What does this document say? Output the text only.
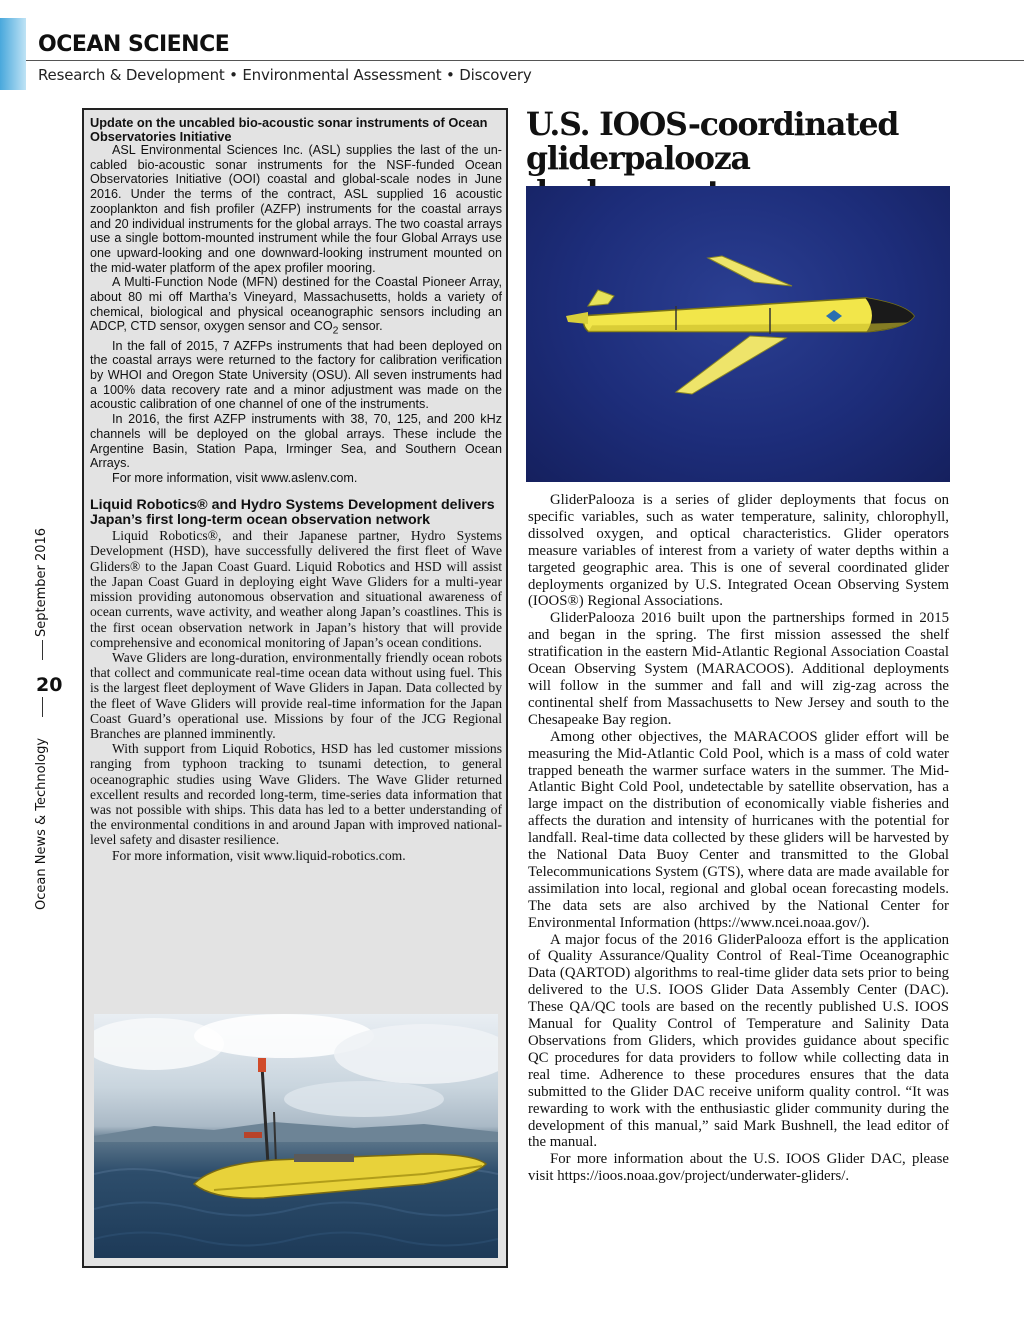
OCEAN SCIENCE

Research & Development • Environmental Assessment • Discovery

Ocean News & Technology
September 2016
20
Update on the uncabled bio-acoustic sonar instruments of Ocean Observatories Initiative

ASL Environmental Sciences Inc. (ASL) supplies the last of the un-cabled bio-acoustic sonar instruments for the NSF-funded Ocean Observatories Initiative (OOI) coastal and global-scale nodes in June 2016. Under the terms of the contract, ASL supplied 16 acoustic zooplankton and fish profiler (AZFP) instruments for the coastal arrays and 20 individual instruments for the global arrays. The two coastal arrays use a single bottom-mounted instrument while the four Global Arrays use one upward-looking and one downward-looking instrument mounted on the mid-water platform of the apex profiler mooring.

A Multi-Function Node (MFN) destined for the Coastal Pioneer Array, about 80 mi off Martha’s Vineyard, Massachusetts, holds a variety of chemical, biological and physical oceanographic sensors including an ADCP, CTD sensor, oxygen sensor and $CO_2$ sensor.

In the fall of 2015, 7 AZFPs instruments that had been deployed on the coastal arrays were returned to the factory for calibration verification by WHOI and Oregon State University (OSU). All seven instruments had a 100% data recovery rate and a minor adjustment was made on the acoustic calibration of one channel of one of the instruments.

In 2016, the first AZFP instruments with 38, 70, 125, and 200 kHz channels will be deployed on the global arrays. These include the Argentine Basin, Station Papa, Irminger Sea, and Southern Ocean Arrays.

For more information, visit www.aslenv.com.

Liquid Robotics® and Hydro Systems Development delivers Japan’s first long-term ocean observation network

Liquid Robotics®, and their Japanese partner, Hydro Systems Development (HSD), have successfully delivered the first fleet of Wave Gliders® to the Japan Coast Guard. Liquid Robotics and HSD will assist the Japan Coast Guard in deploying eight Wave Gliders for a multi-year mission providing autonomous observation and situational awareness of ocean currents, wave activity, and weather along Japan’s coastlines. This is the first ocean observation network in Japan’s history that will provide comprehensive and economical monitoring of Japan’s ocean conditions.

Wave Gliders are long-duration, environmentally friendly ocean robots that collect and communicate real-time ocean data without using fuel. This is the largest fleet deployment of Wave Gliders in Japan. Data collected by the fleet of Wave Gliders will provide real-time information for the Japan Coast Guard’s operational use. Missions by four of the JCG Regional Branches are planned imminently.

With support from Liquid Robotics, HSD has led customer missions ranging from typhoon tracking to tsunami detection, to general oceanographic studies using Wave Gliders. The Wave Glider returned excellent results and recorded long-term, time-series data information that was not possible with ships. This data has led to a better understanding of the environmental conditions in and around Japan with improved national-level safety and disaster resilience.

For more information, visit www.liquid-robotics.com.

U.S. IOOS-coordinated gliderpalooza

GliderPalooza is a series of glider deployments that focus on specific variables, such as water temperature, salinity, chlorophyll, dissolved oxygen, and optical characteristics. Glider operators measure variables of interest from a variety of water depths within a targeted geographic area. This is one of several coordinated glider deployments organized by U.S. Integrated Ocean Observing System (IOOS®) Regional Associations.

GliderPalooza 2016 built upon the partnerships formed in 2015 and began in the spring. The first mission assessed the shelf stratification in the eastern Mid-Atlantic Regional Association Coastal Ocean Observing System (MARACOOS). Additional deployments will follow in the summer and fall and will zig-zag across the continental shelf from Massachusetts to New Jersey and south to the Chesapeake Bay region.

Among other objectives, the MARACOOS glider effort will be measuring the Mid-Atlantic Cold Pool, which is a mass of cold water trapped beneath the warmer surface waters in the summer. The Mid-Atlantic Bight Cold Pool, undetectable by satellite observation, has a large impact on the distribution of economically viable fisheries and affects the duration and intensity of hurricanes with the potential for landfall. Real-time data collected by these gliders will be harvested by the National Data Buoy Center and transmitted to the Global Telecommunications System (GTS), where data are made available for assimilation into local, regional and global ocean forecasting models. The data sets are also archived by the National Center for Environmental Information (https://www.ncei.noaa.gov/).

A major focus of the 2016 GliderPalooza effort is the application of Quality Assurance/Quality Control of Real-Time Oceanographic Data (QARTOD) algorithms to real-time glider data sets prior to being delivered to the U.S. IOOS Glider Data Assembly Center (DAC). These QA/QC tools are based on the recently published U.S. IOOS Manual for Quality Control of Temperature and Salinity Data Observations from Gliders, which provides guidance about specific QC procedures for data providers to follow while collecting data in real time. Adherence to these procedures ensures that the data submitted to the Glider DAC receive uniform quality control. “It was rewarding to work with the enthusiastic glider community during the development of this manual,” said Mark Bushnell, the lead editor of the manual.

For more information about the U.S. IOOS Glider DAC, please visit https://ioos.noaa.gov/project/underwater-gliders/.
